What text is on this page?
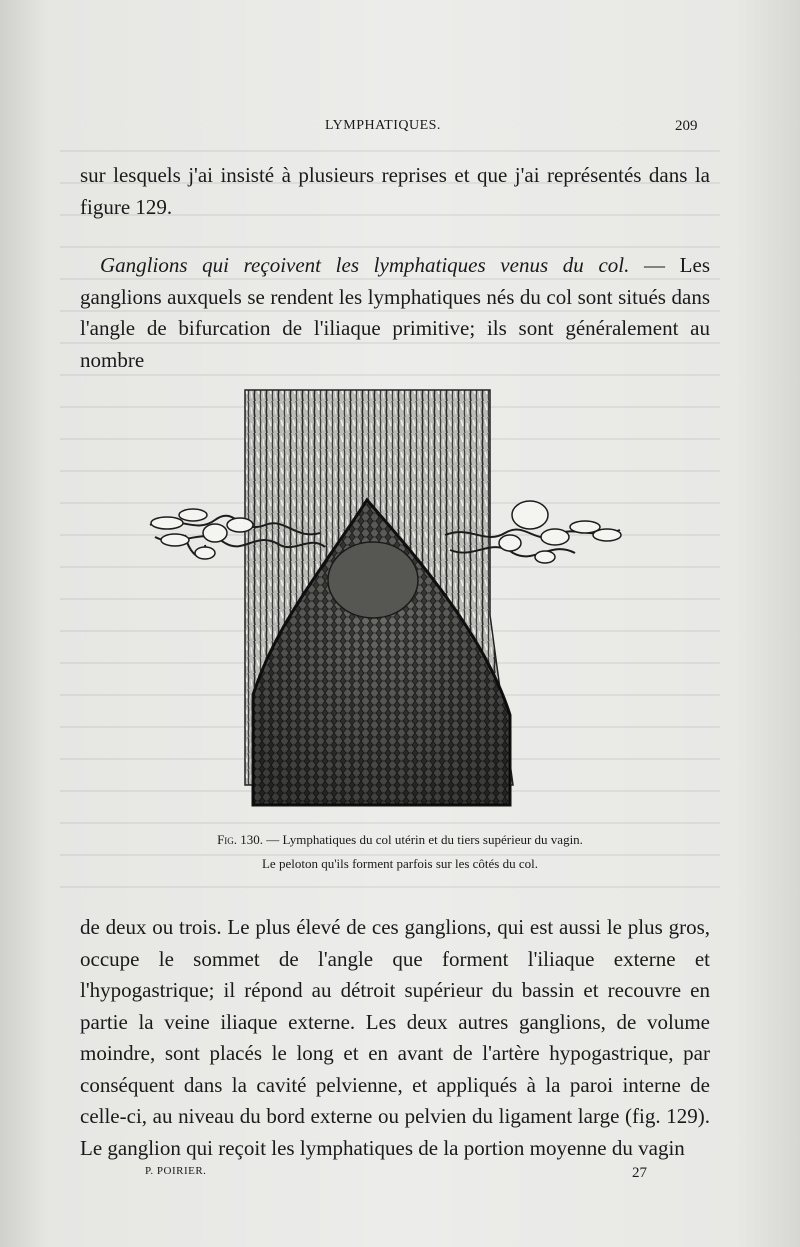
LYMPHATIQUES.	209

sur lesquels j'ai insisté à plusieurs reprises et que j'ai représentés dans la figure 129.

Ganglions qui reçoivent les lymphatiques venus du col. — Les ganglions auxquels se rendent les lymphatiques nés du col sont situés dans l'angle de bifurcation de l'iliaque primitive; ils sont généralement au nombre

Fig. 130. — Lymphatiques du col utérin et du tiers supérieur du vagin.
Le peloton qu'ils forment parfois sur les côtés du col.

de deux ou trois. Le plus élevé de ces ganglions, qui est aussi le plus gros, occupe le sommet de l'angle que forment l'iliaque externe et l'hypogastrique; il répond au détroit supérieur du bassin et recouvre en partie la veine iliaque externe. Les deux autres ganglions, de volume moindre, sont placés le long et en avant de l'artère hypogastrique, par conséquent dans la cavité pelvienne, et appliqués à la paroi interne de celle-ci, au niveau du bord externe ou pelvien du ligament large (fig. 129). Le ganglion qui reçoit les lymphatiques de la portion moyenne du vagin

P. POIRIER.	27
